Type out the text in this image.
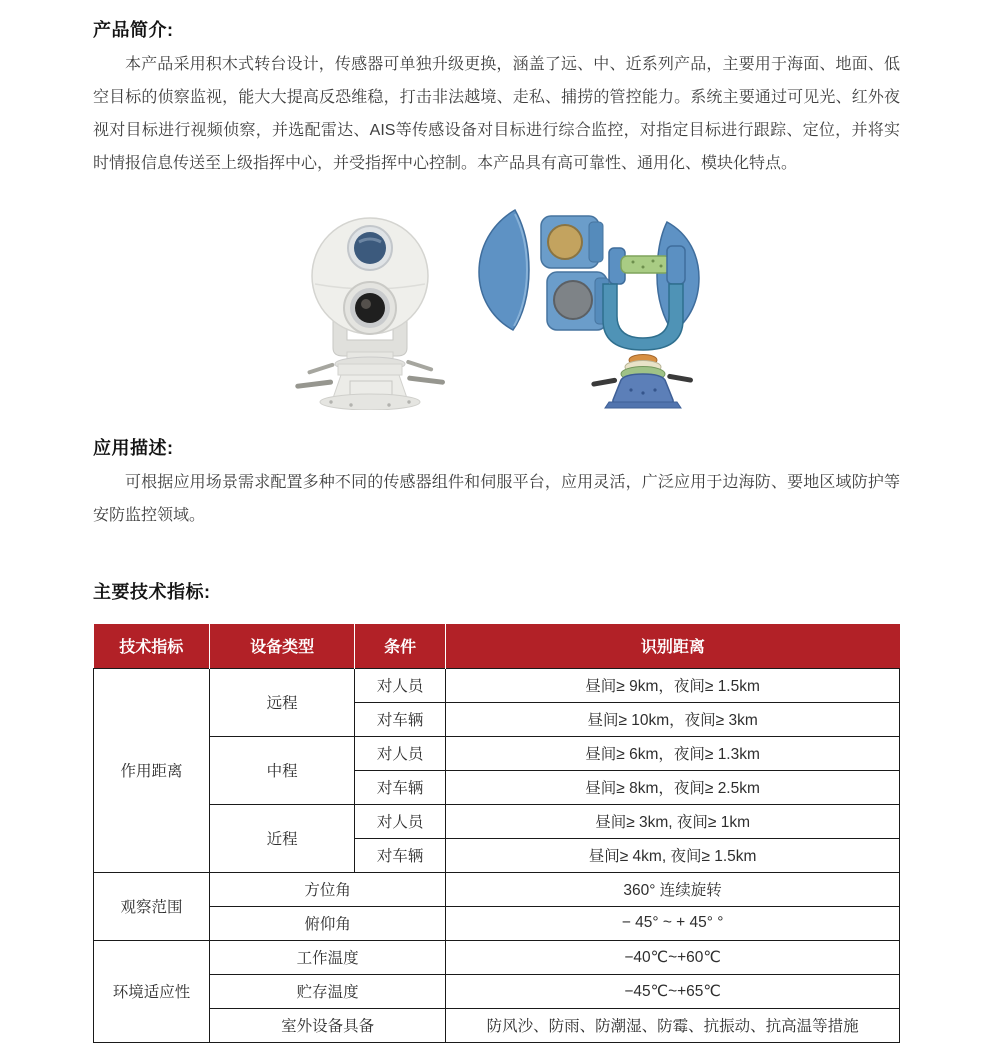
产品简介:

本产品采用积木式转台设计，传感器可单独升级更换，涵盖了远、中、近系列产品，主要用于海面、地面、低空目标的侦察监视，能大大提高反恐维稳，打击非法越境、走私、捕捞的管控能力。系统主要通过可见光、红外夜视对目标进行视频侦察，并选配雷达、AIS等传感设备对目标进行综合监控，对指定目标进行跟踪、定位，并将实时情报信息传送至上级指挥中心，并受指挥中心控制。本产品具有高可靠性、通用化、模块化特点。

应用描述:

可根据应用场景需求配置多种不同的传感器组件和伺服平台，应用灵活，广泛应用于边海防、要地区域防护等安防监控领域。

主要技术指标:
技术指标	设备类型	条件	识别距离
作用距离	远程	对人员	昼间≥ 9km，夜间≥ 1.5km
		对车辆	昼间≥ 10km，夜间≥ 3km
	中程	对人员	昼间≥ 6km，夜间≥ 1.3km
		对车辆	昼间≥ 8km，夜间≥ 2.5km
	近程	对人员	昼间≥ 3km, 夜间≥ 1km
		对车辆	昼间≥ 4km, 夜间≥ 1.5km
观察范围	方位角		360° 连续旋转
	俯仰角		− 45° ~ + 45° °
环境适应性	工作温度		−40℃~+60℃
	贮存温度		−45℃~+65℃
	室外设备具备		防风沙、防雨、防潮湿、防霉、抗振动、抗高温等措施
